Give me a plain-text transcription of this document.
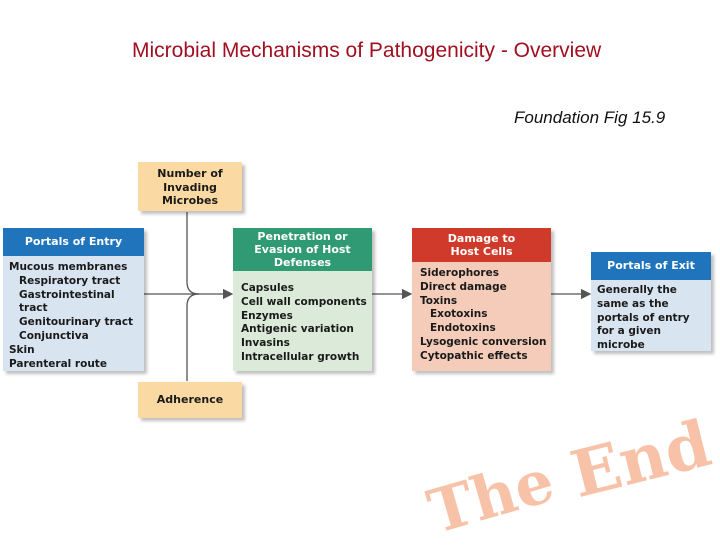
Microbial Mechanisms of Pathogenicity - Overview
Foundation Fig 15.9
Number of Invading Microbes
Adherence
Portals of Entry
Mucous membranes
Respiratory tract
Gastrointestinal tract
Genitourinary tract
Conjunctiva
Skin
Parenteral route
Penetration or Evasion of Host Defenses
Capsules
Cell wall components
Enzymes
Antigenic variation
Invasins
Intracellular growth
Damage to Host Cells
Siderophores
Direct damage
Toxins
Exotoxins
Endotoxins
Lysogenic conversion
Cytopathic effects
Portals of Exit
Generally the same as the portals of entry for a given microbe
The End
